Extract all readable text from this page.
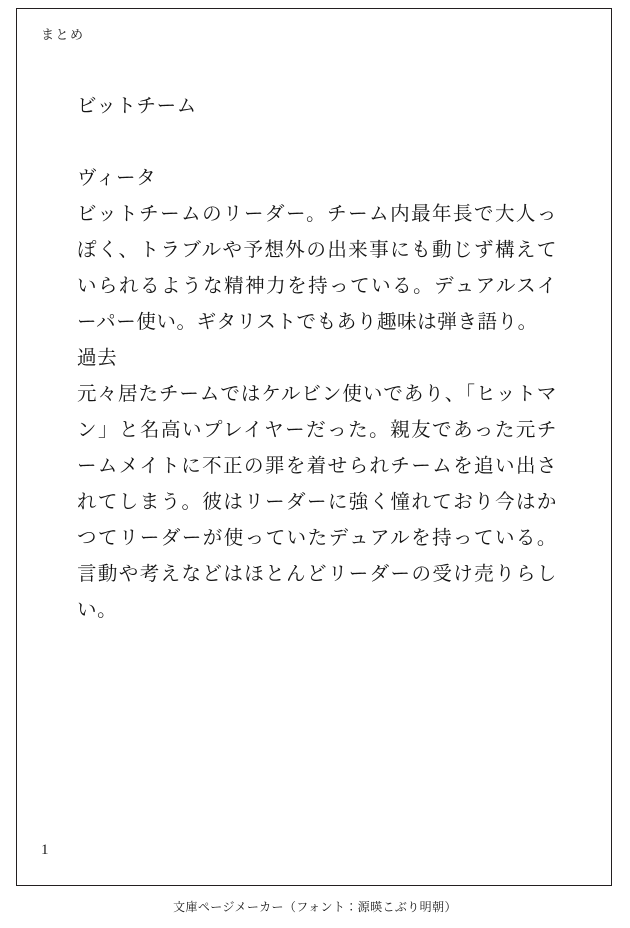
まとめ

ビットチーム

ヴィータ

ビットチームのリーダー。チーム内最年長で大人っぽく、トラブルや予想外の出来事にも動じず構えていられるような精神力を持っている。デュアルスイーパー使い。ギタリストでもあり趣味は弾き語り。

過去

元々居たチームではケルビン使いであり、「ヒットマン」と名高いプレイヤーだった。親友であった元チームメイトに不正の罪を着せられチームを追い出されてしまう。彼はリーダーに強く憧れており今はかつてリーダーが使っていたデュアルを持っている。言動や考えなどはほとんどリーダーの受け売りらしい。

1
文庫ページメーカー（フォント：源暎こぶり明朝）
